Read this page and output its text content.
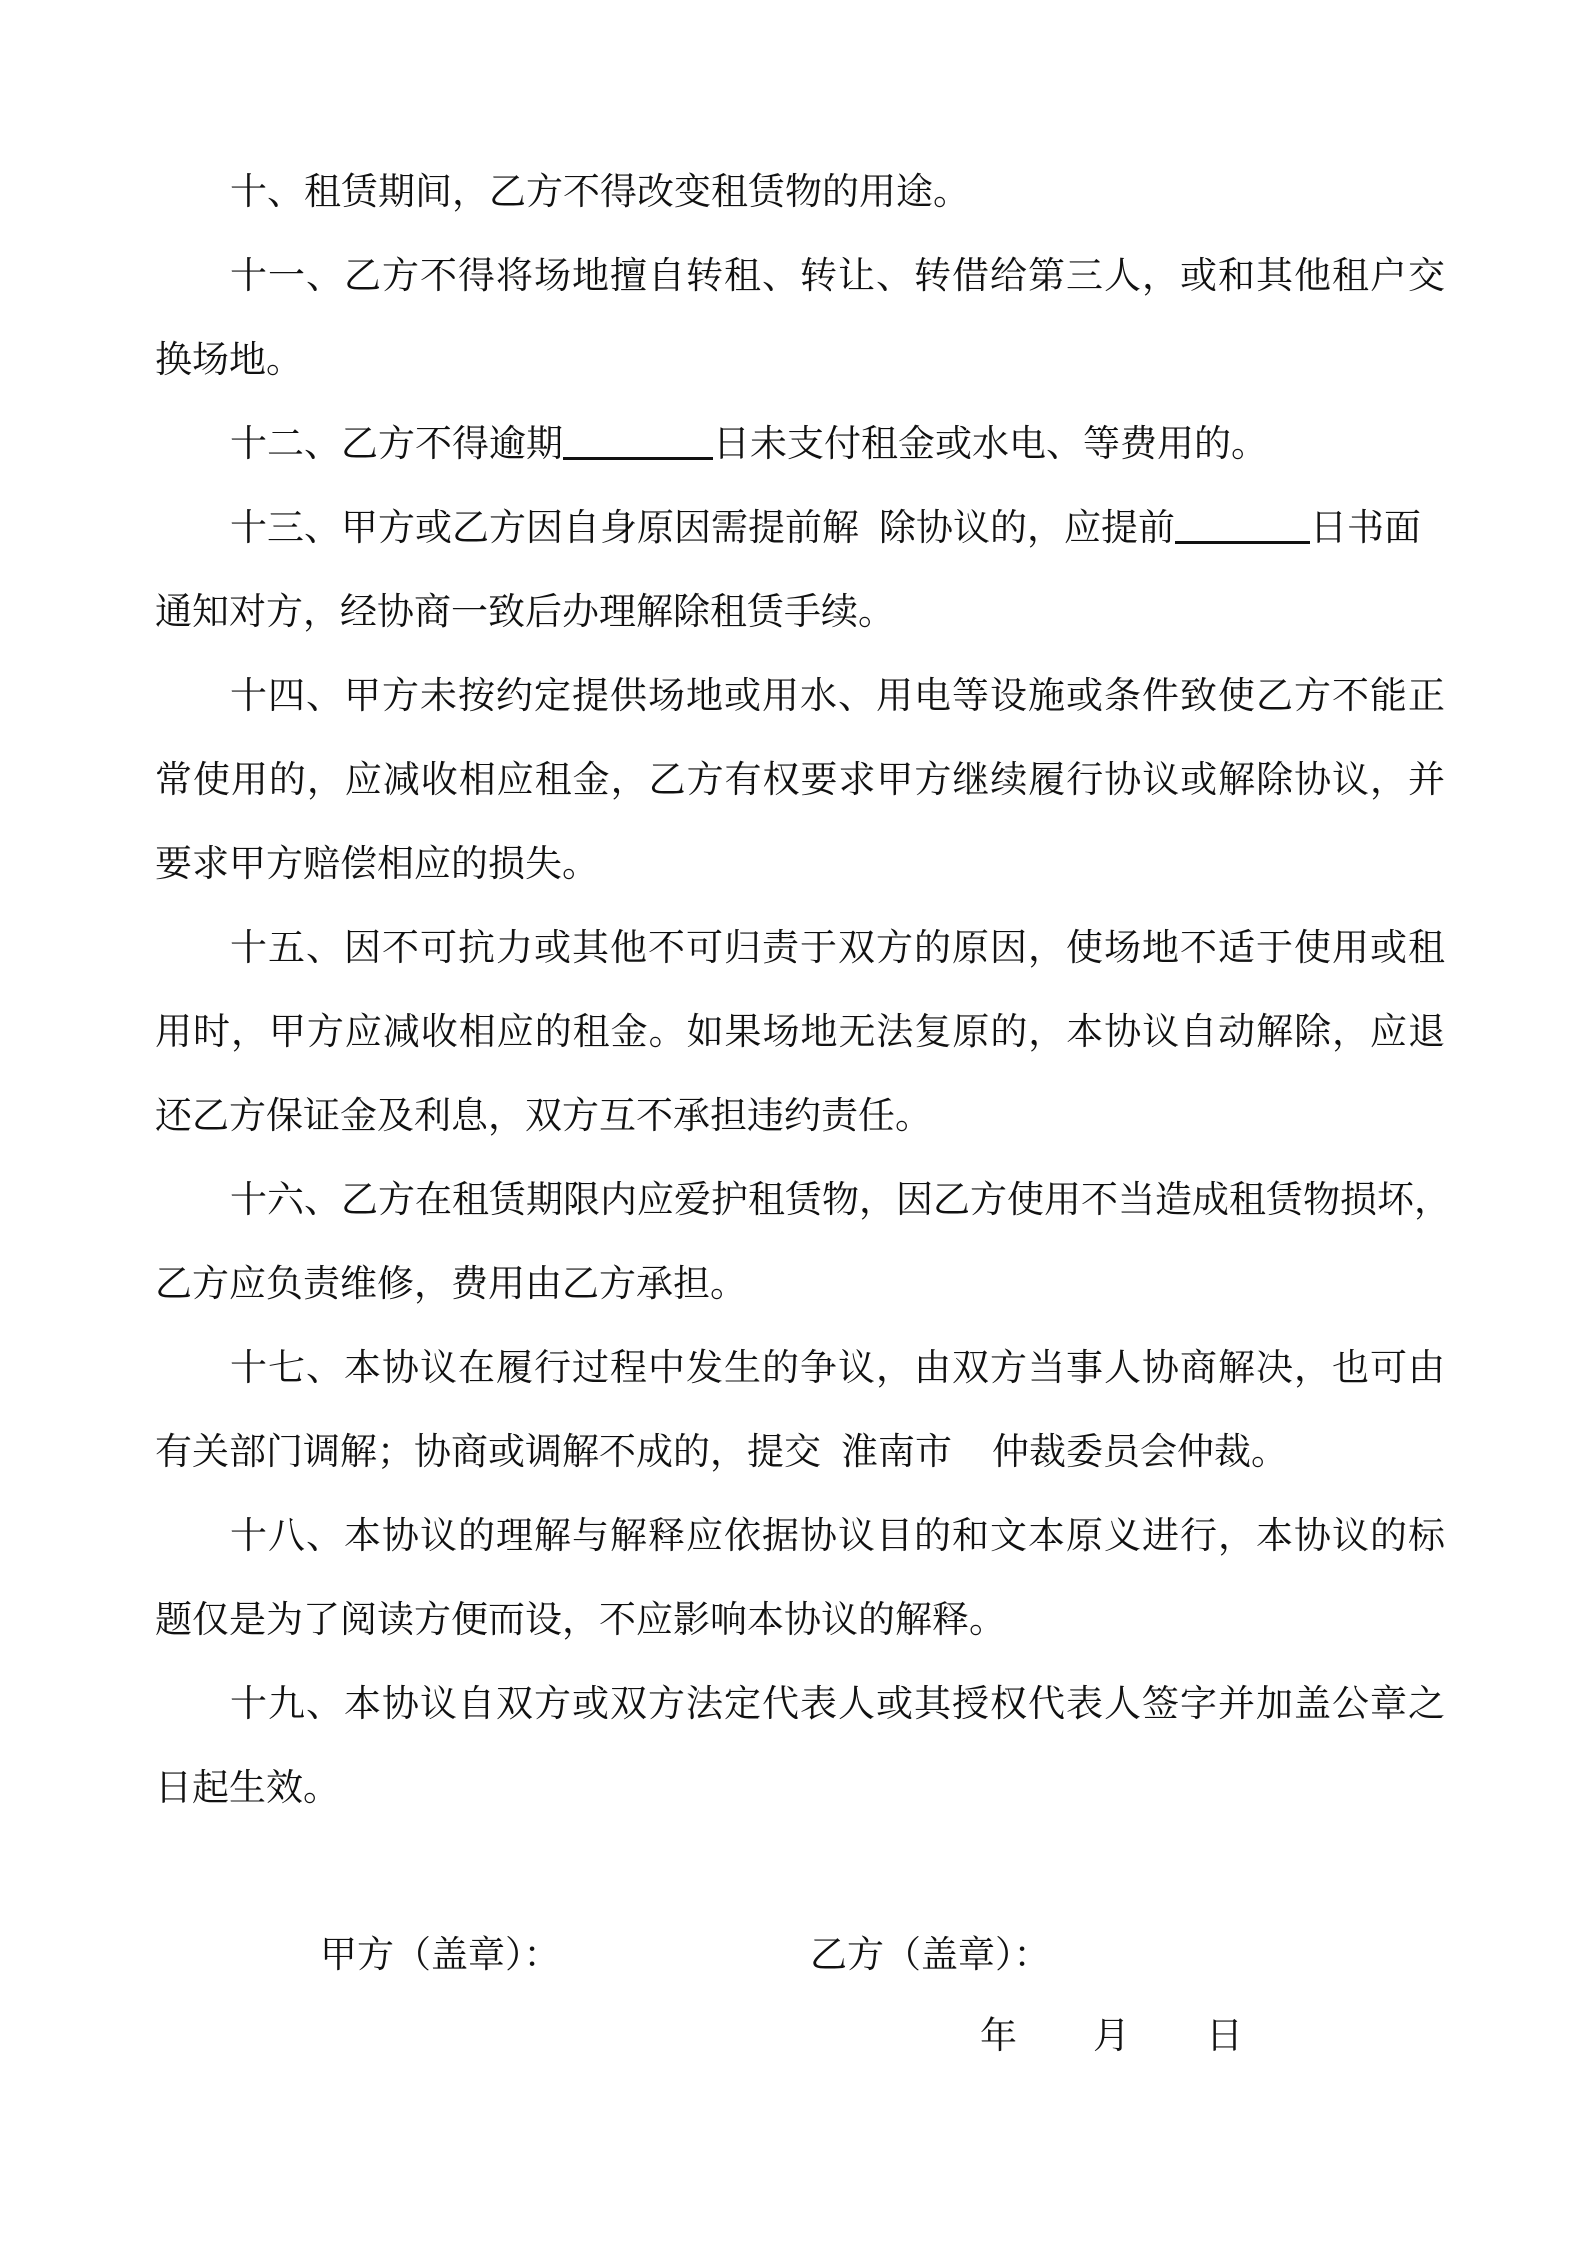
十、租赁期间，乙方不得改变租赁物的用途。
十一、乙方不得将场地擅自转租、转让、转借给第三人，或和其他租户交
换场地。
十二、乙方不得逾期	日未支付租金或水电、等费用的。
十三、甲方或乙方因自身原因需提前解 除协议的，应提前	日书面
通知对方，经协商一致后办理解除租赁手续。
十四、甲方未按约定提供场地或用水、用电等设施或条件致使乙方不能正
常使用的，应减收相应租金，乙方有权要求甲方继续履行协议或解除协议，并
要求甲方赔偿相应的损失。
十五、因不可抗力或其他不可归责于双方的原因，使场地不适于使用或租
用时，甲方应减收相应的租金。如果场地无法复原的，本协议自动解除，应退
还乙方保证金及利息，双方互不承担违约责任。
十六、乙方在租赁期限内应爱护租赁物，因乙方使用不当造成租赁物损坏，
乙方应负责维修，费用由乙方承担。
十七、本协议在履行过程中发生的争议，由双方当事人协商解决，也可由
有关部门调解；协商或调解不成的，提交 淮南市 仲裁委员会仲裁。
十八、本协议的理解与解释应依据协议目的和文本原义进行，本协议的标
题仅是为了阅读方便而设，不应影响本协议的解释。
十九、本协议自双方或双方法定代表人或其授权代表人签字并加盖公章之
日起生效。
甲方（盖章）：	乙方（盖章）：
年 月 日
